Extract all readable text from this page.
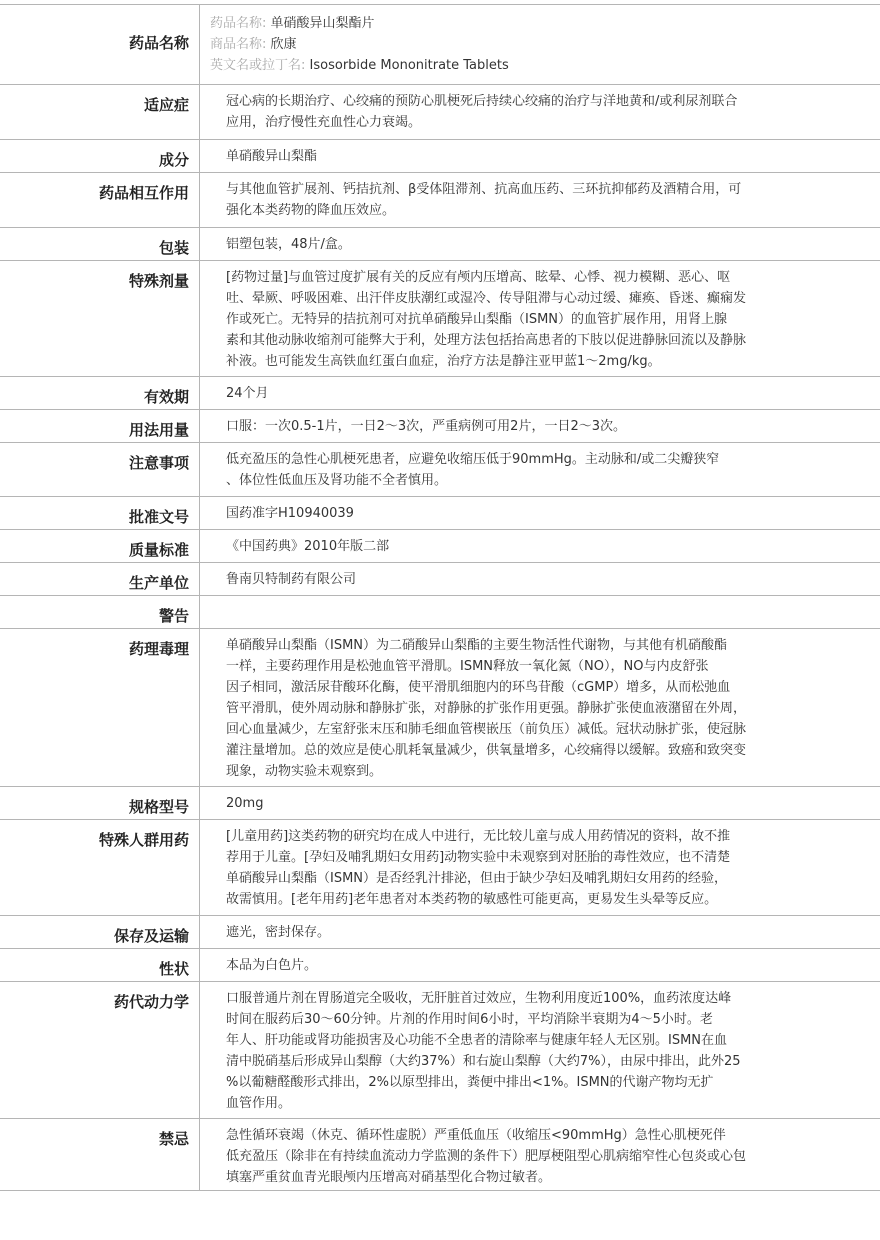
药品名称
药品名称: 单硝酸异山梨酯片
商品名称: 欣康
英文名或拉丁名: Isosorbide Mononitrate Tablets
适应症	冠心病的长期治疗、心绞痛的预防心肌梗死后持续心绞痛的治疗与洋地黄和/或利尿剂联合

应用，治疗慢性充血性心力衰竭。

成分	单硝酸异山梨酯

药品相互作用	与其他血管扩展剂、钙拮抗剂、β受体阻滞剂、抗高血压药、三环抗抑郁药及酒精合用，可

强化本类药物的降血压效应。

包装	铝塑包装，48片/盒。

特殊剂量	[药物过量]与血管过度扩展有关的反应有颅内压增高、眩晕、心悸、视力模糊、恶心、呕

吐、晕厥、呼吸困难、出汗伴皮肤潮红或湿冷、传导阻滞与心动过缓、瘫痪、昏迷、癫痫发

作或死亡。无特异的拮抗剂可对抗单硝酸异山梨酯（ISMN）的血管扩展作用，用肾上腺

素和其他动脉收缩剂可能弊大于利，处理方法包括抬高患者的下肢以促进静脉回流以及静脉

补液。也可能发生高铁血红蛋白血症，治疗方法是静注亚甲蓝1～2mg/kg。

有效期	24个月

用法用量	口服：一次0.5-1片，一日2～3次，严重病例可用2片，一日2～3次。

注意事项	低充盈压的急性心肌梗死患者，应避免收缩压低于90mmHg。主动脉和/或二尖瓣狭窄

、体位性低血压及肾功能不全者慎用。

批准文号	国药准字H10940039

质量标准	《中国药典》2010年版二部

生产单位	鲁南贝特制药有限公司

警告
药理毒理	单硝酸异山梨酯（ISMN）为二硝酸异山梨酯的主要生物活性代谢物，与其他有机硝酸酯

一样，主要药理作用是松弛血管平滑肌。ISMN释放一氧化氮（NO），NO与内皮舒张

因子相同，激活尿苷酸环化酶，使平滑肌细胞内的环鸟苷酸（cGMP）增多，从而松弛血

管平滑肌，使外周动脉和静脉扩张，对静脉的扩张作用更强。静脉扩张使血液潴留在外周，

回心血量减少，左室舒张末压和肺毛细血管楔嵌压（前负压）减低。冠状动脉扩张，使冠脉

灌注量增加。总的效应是使心肌耗氧量减少，供氧量增多，心绞痛得以缓解。致癌和致突变

现象，动物实验未观察到。

规格型号	20mg

特殊人群用药	[儿童用药]这类药物的研究均在成人中进行，无比较儿童与成人用药情况的资料，故不推

荐用于儿童。[孕妇及哺乳期妇女用药]动物实验中未观察到对胚胎的毒性效应，也不清楚

单硝酸异山梨酯（ISMN）是否经乳汁排泌，但由于缺少孕妇及哺乳期妇女用药的经验，

故需慎用。[老年用药]老年患者对本类药物的敏感性可能更高，更易发生头晕等反应。

保存及运输	遮光，密封保存。

性状	本品为白色片。

药代动力学	口服普通片剂在胃肠道完全吸收，无肝脏首过效应，生物利用度近100%，血药浓度达峰

时间在服药后30～60分钟。片剂的作用时间6小时，平均消除半衰期为4～5小时。老

年人、肝功能或肾功能损害及心功能不全患者的清除率与健康年轻人无区别。ISMN在血

清中脱硝基后形成异山梨醇（大约37%）和右旋山梨醇（大约7%），由尿中排出，此外25

%以葡糖醛酸形式排出，2%以原型排出，粪便中排出<1%。ISMN的代谢产物均无扩

血管作用。

禁忌	急性循环衰竭（休克、循环性虚脱）严重低血压（收缩压<90mmHg）急性心肌梗死伴

低充盈压（除非在有持续血流动力学监测的条件下）肥厚梗阻型心肌病缩窄性心包炎或心包

填塞严重贫血青光眼颅内压增高对硝基型化合物过敏者。
